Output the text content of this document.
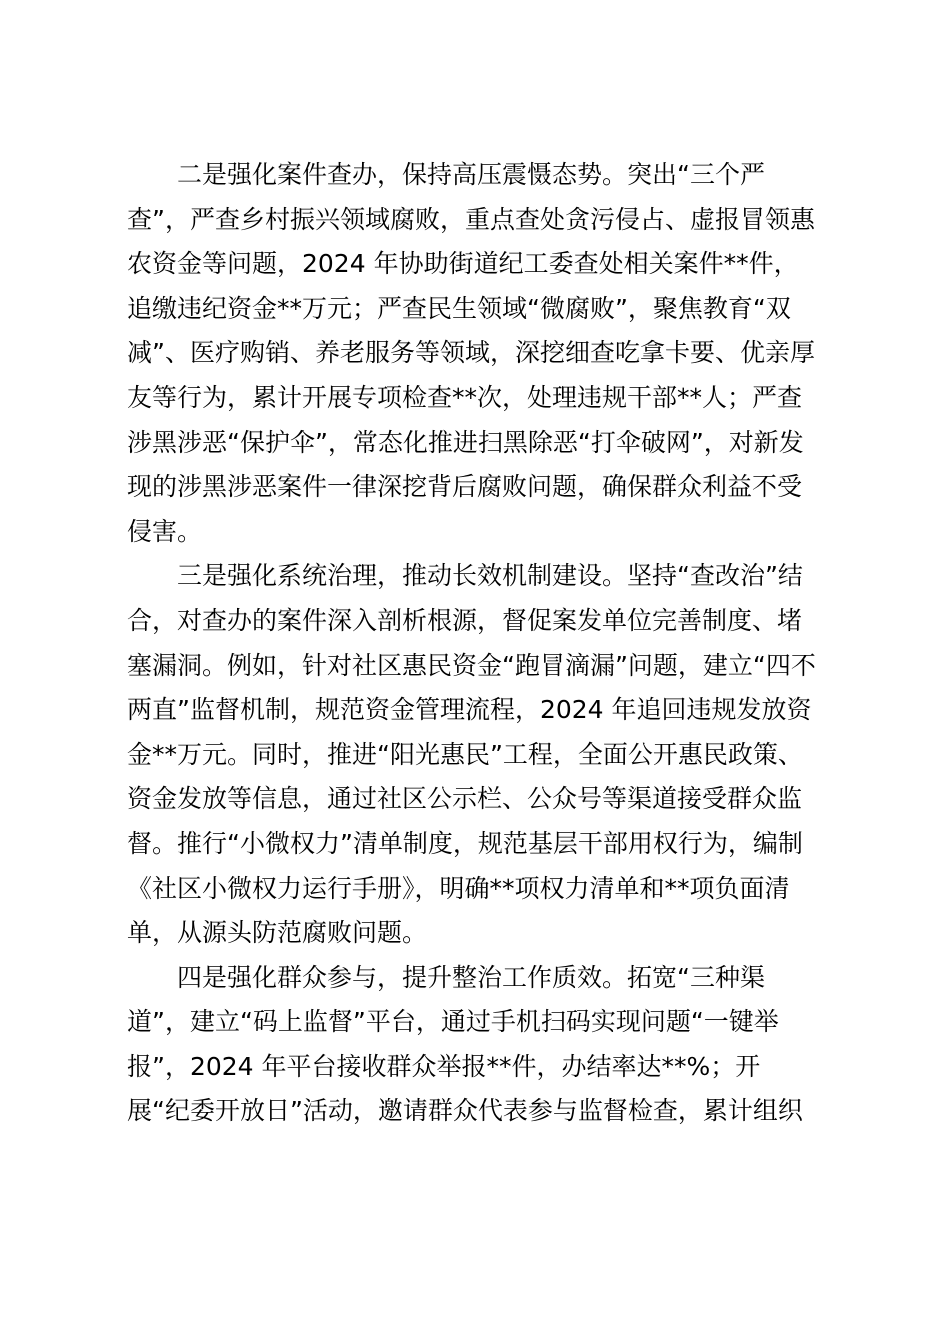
二是强化案件查办，保持高压震慑态势。突出“三个严
查”，严查乡村振兴领域腐败，重点查处贪污侵占、虚报冒领惠
农资金等问题，2024 年协助街道纪工委查处相关案件**件，
追缴违纪资金**万元；严查民生领域“微腐败”，聚焦教育“双
减”、医疗购销、养老服务等领域，深挖细查吃拿卡要、优亲厚
友等行为，累计开展专项检查**次，处理违规干部**人；严查
涉黑涉恶“保护伞”，常态化推进扫黑除恶“打伞破网”，对新发
现的涉黑涉恶案件一律深挖背后腐败问题，确保群众利益不受
侵害。
三是强化系统治理，推动长效机制建设。坚持“查改治”结
合，对查办的案件深入剖析根源，督促案发单位完善制度、堵
塞漏洞。例如，针对社区惠民资金“跑冒滴漏”问题，建立“四不
两直”监督机制，规范资金管理流程，2024 年追回违规发放资
金**万元。同时，推进“阳光惠民”工程，全面公开惠民政策、
资金发放等信息，通过社区公示栏、公众号等渠道接受群众监
督。推行“小微权力”清单制度，规范基层干部用权行为，编制
《社区小微权力运行手册》，明确**项权力清单和**项负面清
单，从源头防范腐败问题。
四是强化群众参与，提升整治工作质效。拓宽“三种渠
道”，建立“码上监督”平台，通过手机扫码实现问题“一键举
报”，2024 年平台接收群众举报**件，办结率达**%；开
展“纪委开放日”活动，邀请群众代表参与监督检查，累计组织
